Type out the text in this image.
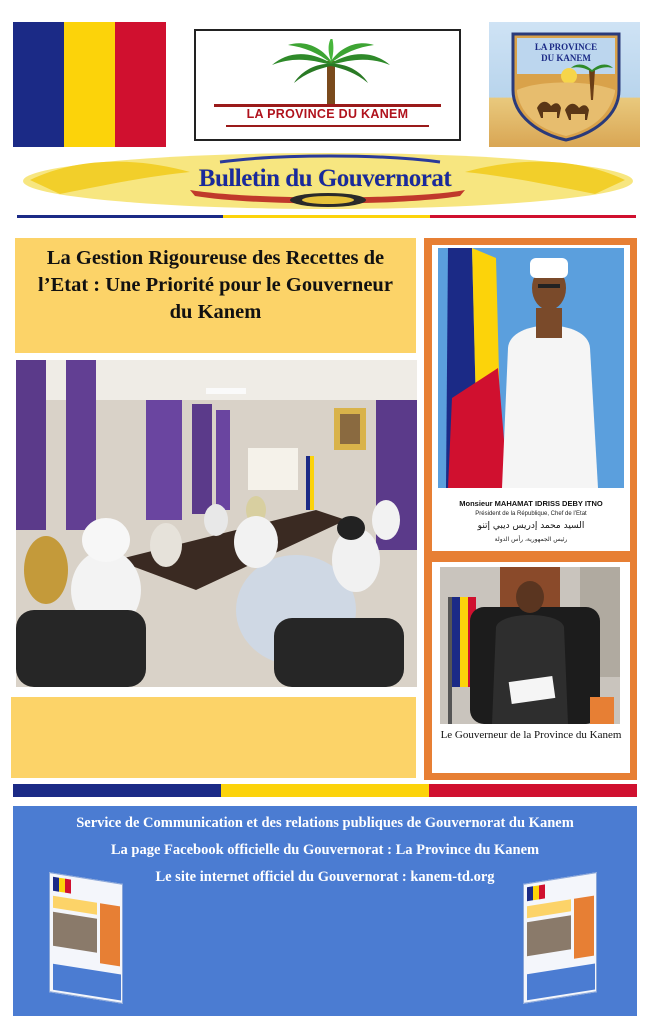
LA PROVINCE DU KANEM
LA PROVINCE
DU KANEM
Bulletin du Gouvernorat
La Gestion Rigoureuse des Recettes de l’Etat : Une Priorité pour le Gouverneur du Kanem
Monsieur MAHAMAT IDRISS DEBY ITNO
Président de la République, Chef de l’Etat
السيد محمد إدريس ديبي إتنو
رئيس الجمهورية، رأس الدولة
Le Gouverneur de la Province du Kanem
Service de Communication et des relations publiques de Gouvernorat du Kanem
La page Facebook officielle du Gouvernorat : La Province du Kanem
Le site internet officiel du Gouvernorat : kanem-td.org
